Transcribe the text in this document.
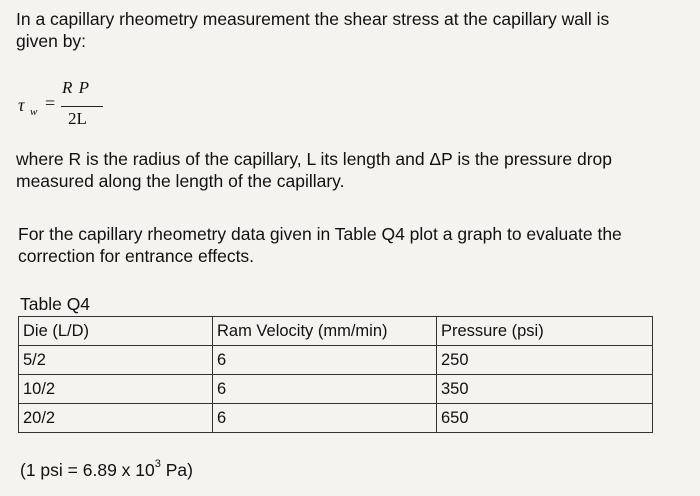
In a capillary rheometry measurement the shear stress at the capillary wall is
given by:

τ w =
R P
2L

where R is the radius of the capillary, L its length and ΔP is the pressure drop
measured along the length of the capillary.

For the capillary rheometry data given in Table Q4 plot a graph to evaluate the
correction for entrance effects.

Table Q4

Die (L/D)	Ram Velocity (mm/min)	Pressure (psi)
5/2	6	250
10/2	6	350
20/2	6	650

(1 psi = 6.89 x $10^3$ Pa)
